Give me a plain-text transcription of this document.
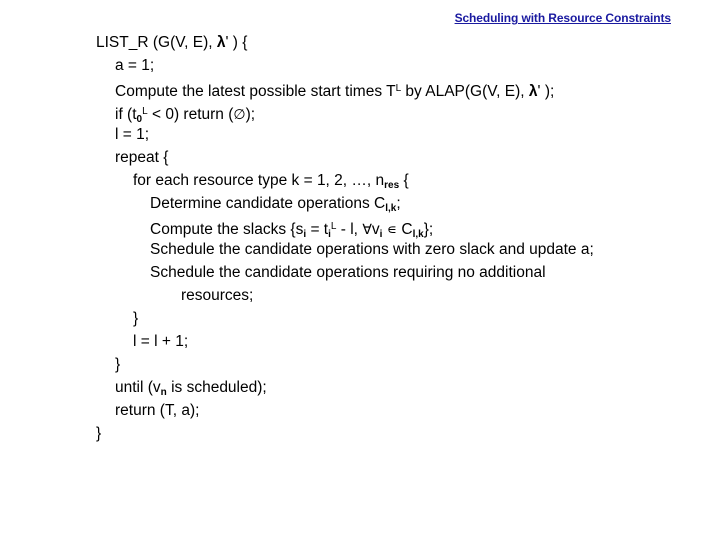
Scheduling with Resource Constraints
LIST_R (G(V, E), λ' ) {
a = 1;
Compute the latest possible start times $T^L$ by ALAP(G(V, E), λ' );
if $(t_0^L < 0)$ return (∅);
l = 1;
repeat {
for each resource type k = 1, 2, …, $n_{res}$ {
Determine candidate operations $C_{l,k}$;
Compute the slacks {$s_i = t_i^L - l$, $\forall v_i$ ∊ $C_{l,k}$};
Schedule the candidate operations with zero slack and update a;
Schedule the candidate operations requiring no additional
resources;
}
l = l + 1;
}
until ($v_n$ is scheduled);
return (T, a);
}
